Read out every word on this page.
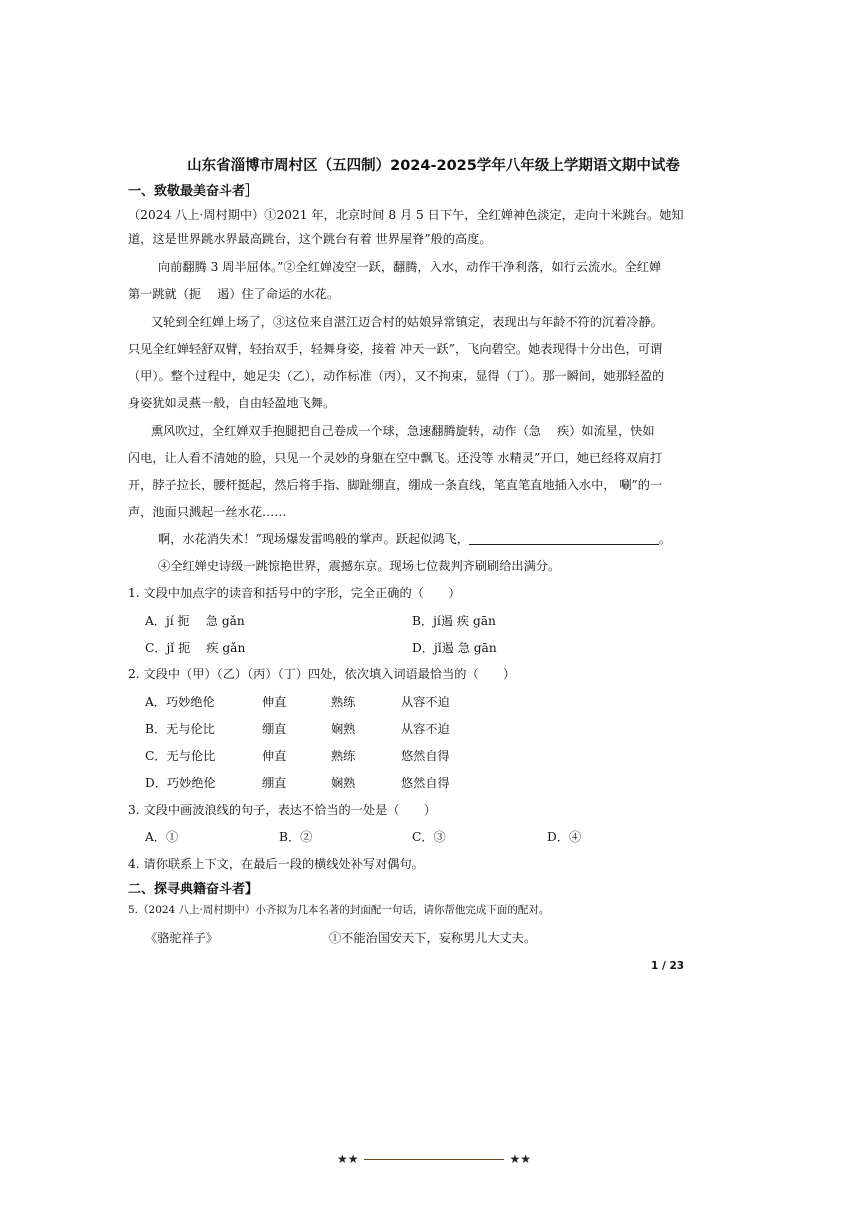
山东省淄博市周村区（五四制）2024-2025学年八年级上学期语文期中试卷
一、致敬最美奋斗者］
（2024 八上·周村期中）①2021 年，北京时间 8 月 5 日下午，全红婵神色淡定，走向十米跳台。她知
道，这是世界跳水界最高跳台，这个跳台有着 世界屋脊”般的高度。
向前翻腾 3 周半屈体。”②全红婵凌空一跃，翻腾，入水，动作干净利落，如行云流水。全红婵
第一跳就（扼　 遏）住了命运的水花。
又轮到全红婵上场了，③这位来自湛江迈合村的姑娘异常镇定，表现出与年龄不符的沉着冷静。
只见全红婵轻舒双臂，轻抬双手，轻舞身姿，接着 冲天一跃”，飞向碧空。她表现得十分出色，可谓
（甲）。整个过程中，她足尖（乙），动作标准（丙），又不拘束，显得（丁）。那一瞬间，她那轻盈的
身姿犹如灵燕一般，自由轻盈地飞舞。
熏风吹过，全红婵双手抱腿把自己卷成一个球，急速翻腾旋转，动作（急　 疾）如流星，快如
闪电，让人看不清她的脸，只见一个灵妙的身躯在空中飘飞。还没等 水精灵”开口，她已经将双肩打
开，脖子拉长，腰杆挺起，然后将手指、脚趾绷直，绷成一条直线，笔直笔直地插入水中， 唰”的一
声，池面只溅起一丝水花……
啊，水花消失术！”现场爆发雷鸣般的掌声。跃起似鸿飞，	。
④全红婵史诗级一跳惊艳世界，震撼东京。现场七位裁判齐刷刷给出满分。
1. 文段中加点字的读音和括号中的字形，完全正确的（　　）
A．jí 扼　 急 gǎn	B．jí遏 疾 gān
C．jǐ 扼　 疾 gǎn	D．jǐ遏 急 gān
2. 文段中（甲）（乙）（丙）（丁）四处，依次填入词语最恰当的（　　）
A．巧妙绝伦	伸直	熟练	从容不迫
B．无与伦比	绷直	娴熟	从容不迫
C．无与伦比	伸直	熟练	悠然自得
D．巧妙绝伦	绷直	娴熟	悠然自得
3. 文段中画波浪线的句子，表达不恰当的一处是（　　）
A．①	B．②	C．③	D．④
4. 请你联系上下文，在最后一段的横线处补写对偶句。
二、探寻典籍奋斗者】
5.（2024 八上·周村期中）小齐拟为几本名著的封面配一句话，请你帮他完成下面的配对。
《骆驼祥子》	①不能治国安天下，妄称男儿大丈夫。
1 / 23
★★	★★
